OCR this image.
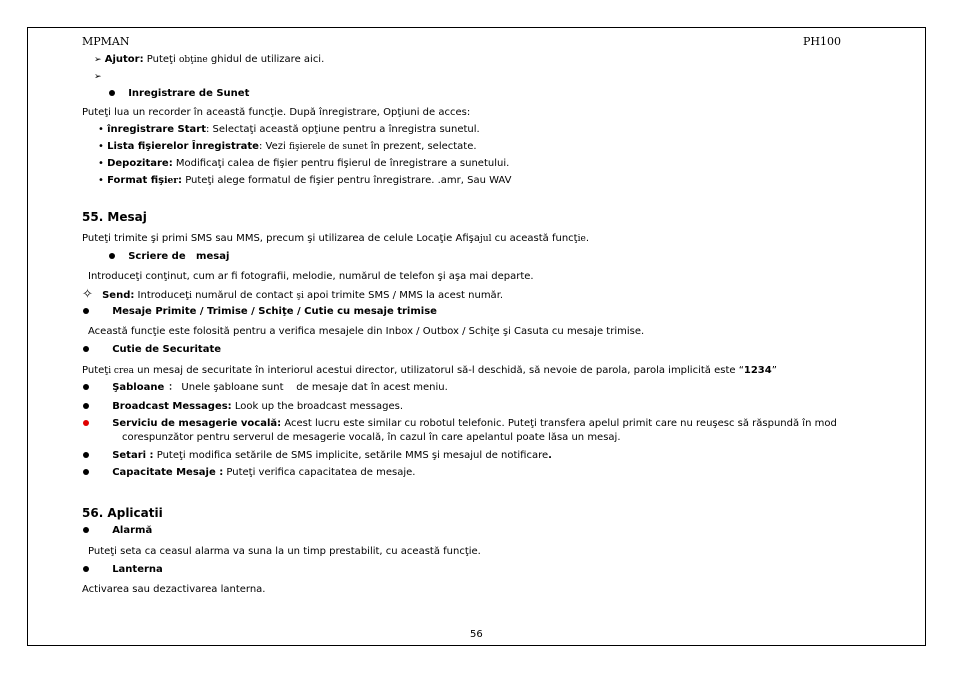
MPMAN	PH100
➢ Ajutor: Puteţi obţine ghidul de utilizare aici.
➢
Inregistrare de Sunet
Puteţi lua un recorder în această funcţie. După înregistrare, Opţiuni de acces:
• înregistrare Start: Selectaţi această opţiune pentru a înregistra sunetul.
• Lista fişierelor Înregistrate: Vezi fişierele de sunet în prezent, selectate.
• Depozitare: Modificaţi calea de fişier pentru fişierul de înregistrare a sunetului.
• Format fişier: Puteţi alege formatul de fişier pentru înregistrare. .amr, Sau WAV
55. Mesaj
Puteţi trimite şi primi SMS sau MMS, precum şi utilizarea de celule Locaţie Afişajul cu această funcţie.
Scriere de   mesaj
Introduceţi conţinut, cum ar fi fotografii, melodie, numărul de telefon şi aşa mai departe.
✧ Send: Introduceţi numărul de contact şi apoi trimite SMS / MMS la acest număr.
Mesaje Primite / Trimise / Schiţe / Cutie cu mesaje trimise
Această funcţie este folosită pentru a verifica mesajele din Inbox / Outbox / Schiţe şi Casuta cu mesaje trimise.
Cutie de Securitate
Puteţi crea un mesaj de securitate în interiorul acestui director, utilizatorul să-l deschidă, să nevoie de parola, parola implicită este “1234”
Şabloane ： Unele şabloane sunt    de mesaje dat în acest meniu.
Broadcast Messages: Look up the broadcast messages.
Serviciu de mesagerie vocală: Acest lucru este similar cu robotul telefonic. Puteţi transfera apelul primit care nu reuşesc să răspundă în mod
corespunzător pentru serverul de mesagerie vocală, în cazul în care apelantul poate lăsa un mesaj.
Setari : Puteţi modifica setările de SMS implicite, setările MMS şi mesajul de notificare.
Capacitate Mesaje : Puteţi verifica capacitatea de mesaje.
56. Aplicatii
Alarmă
Puteţi seta ca ceasul alarma va suna la un timp prestabilit, cu această funcţie.
Lanterna
Activarea sau dezactivarea lanterna.
56
